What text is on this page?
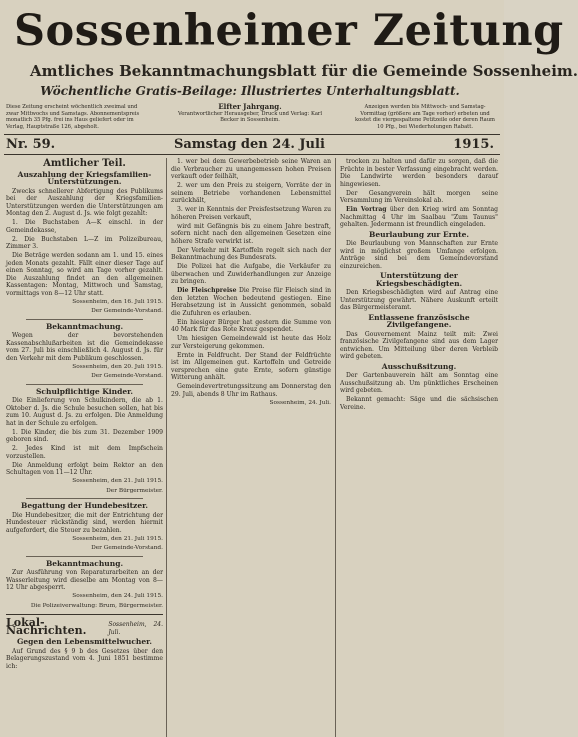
Sossenheimer Zeitung
Amtliches Bekanntmachungsblatt für die Gemeinde Sossenheim.
Wöchentliche Gratis-Beilage: Illustriertes Unterhaltungsblatt.
Diese Zeitung erscheint wöchentlich zweimal und zwar Mittwochs und Samstags. Abonnementspreis monatlich 35 Pfg. frei ins Haus geliefert oder im Verlag, Hauptstraße 126, abgeholt.
Elfter Jahrgang.
Verantwortlicher Herausgeber, Druck und Verlag: Karl Becker in Sossenheim.
Anzeigen werden bis Mittwoch- und Samstag-Vormittag (größere am Tage vorher) erbeten und kostet die viergespaltene Petitzeile oder deren Raum 10 Pfg., bei Wiederholungen Rabatt.
Nr. 59.	Samstag den 24. Juli	1915.
Amtlicher Teil.
Auszahlung der Kriegsfamilien-Unterstützungen.

Zwecks schnellerer Abfertigung des Publikums bei der Auszahlung der Kriegsfamilien-Unterstützungen werden die Unterstützungen am Montag den 2. August d. Js. wie folgt gezahlt:

1. Die Buchstaben A—K einschl. in der Gemeindekasse,

2. Die Buchstaben L—Z im Polizeibureau, Zimmer 3.

Die Beträge werden sodann am 1. und 15. eines jeden Monats gezahlt. Fällt einer dieser Tage auf einen Sonntag, so wird am Tage vorher gezahlt. Die Auszahlung findet an den allgemeinen Kassentagen: Montag, Mittwoch und Samstag, vormittags von 8—12 Uhr statt.

Sossenheim, den 16. Juli 1915.
Der Gemeinde-Vorstand.
Bekanntmachung.

Wegen der bevorstehenden Kassenabschlußarbeiten ist die Gemeindekasse vom 27. Juli bis einschließlich 4. August d. Js. für den Verkehr mit dem Publikum geschlossen.

Sossenheim, den 20. Juli 1915.
Der Gemeinde-Vorstand.
Schulpflichtige Kinder.

Die Einlieferung von Schulkindern, die ab 1. Oktober d. Js. die Schule besuchen sollen, hat bis zum 10. August d. Js. zu erfolgen. Die Anmeldung hat in der Schule zu erfolgen.

1. Die Kinder, die bis zum 31. Dezember 1909 geboren sind.

2. Jedes Kind ist mit dem Impfschein vorzustellen.

Die Anmeldung erfolgt beim Rektor an den Schultagen von 11—12 Uhr.

Sossenheim, den 21. Juli 1915.
Der Bürgermeister.
Begattung der Hundebesitzer.

Die Hundebesitzer, die mit der Entrichtung der Hundesteuer rückständig sind, werden hiermit aufgefordert, die Steuer zu bezahlen.

Sossenheim, den 21. Juli 1915.
Der Gemeinde-Vorstand.
Bekanntmachung.

Zur Ausführung von Reparaturarbeiten an der Wasserleitung wird dieselbe am Montag von 8—12 Uhr abgesperrt.

Sossenheim, den 24. Juli 1915.
Die Polizeiverwaltung: Brum, Bürgermeister.
Lokal-Nachrichten.	Sossenheim, 24. Juli.
Gegen den Lebensmittelwucher.

Auf Grund des § 9 b des Gesetzes über den Belagerungszustand vom 4. Juni 1851 bestimme ich:

1. wer bei dem Gewerbebetrieb seine Waren an die Verbraucher zu unangemessen hohen Preisen verkauft oder feilhält,

2. wer um den Preis zu steigern, Vorräte der in seinem Betriebe vorhandenen Lebensmittel zurückhält,

3. wer in Kenntnis der Preisfestsetzung Waren zu höheren Preisen verkauft,

wird mit Gefängnis bis zu einem Jahre bestraft, sofern nicht nach den allgemeinen Gesetzen eine höhere Strafe verwirkt ist.

Der Verkehr mit Kartoffeln regelt sich nach der Bekanntmachung des Bundesrats.

Die Polizei hat die Aufgabe, die Verkäufer zu überwachen und Zuwiderhandlungen zur Anzeige zu bringen.

Die Fleischpreise Die Preise für Fleisch sind in den letzten Wochen bedeutend gestiegen. Eine Herabsetzung ist in Aussicht genommen, sobald die Zufuhren es erlauben.

Ein hiesiger Bürger hat gestern die Summe von 40 Mark für das Rote Kreuz gespendet.

Um hiesigen Gemeindewald ist heute das Holz zur Versteigerung gekommen.

Ernte in Feldfrucht. Der Stand der Feldfrüchte ist im Allgemeinen gut. Kartoffeln und Getreide versprechen eine gute Ernte, sofern günstige Witterung anhält.

Gemeindevertretungssitzung am Donnerstag den 29. Juli, abends 8 Uhr im Rathaus.

Sossenheim, 24. Juli.

trocken zu halten und dafür zu sorgen, daß die Früchte in bester Verfassung eingebracht werden. Die Landwirte werden besonders darauf hingewiesen.

Der Gesangverein hält morgen seine Versammlung im Vereinslokal ab.

Ein Vortrag über den Krieg wird am Sonntag Nachmittag 4 Uhr im Saalbau "Zum Taunus" gehalten. Jedermann ist freundlich eingeladen.

Beurlaubung zur Ernte.

Die Beurlaubung von Mannschaften zur Ernte wird in möglichst großem Umfange erfolgen. Anträge sind bei dem Gemeindevorstand einzureichen.

Unterstützung der Kriegsbeschädigten.

Den Kriegsbeschädigten wird auf Antrag eine Unterstützung gewährt. Nähere Auskunft erteilt das Bürgermeisteramt.

Entlassene französische Zivilgefangene.

Das Gouvernement Mainz teilt mit: Zwei französische Zivilgefangene sind aus dem Lager entwichen. Um Mitteilung über deren Verbleib wird gebeten.

Ausschußsitzung.

Der Gartenbauverein hält am Sonntag eine Ausschußsitzung ab. Um pünktliches Erscheinen wird gebeten.

Bekannt gemacht: Säge und die sächsischen Vereine.
